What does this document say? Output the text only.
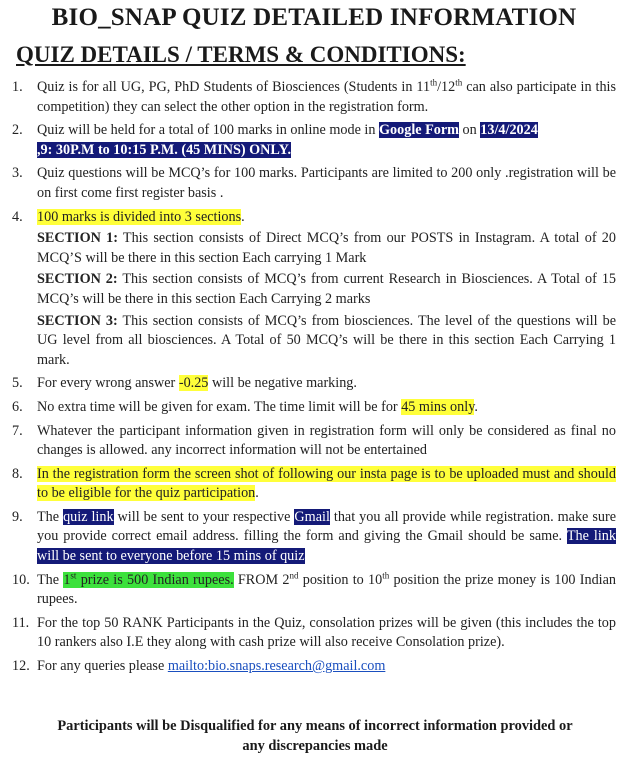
BIO_SNAP QUIZ DETAILED INFORMATION
QUIZ DETAILS / TERMS & CONDITIONS:
1.	Quiz is for all UG, PG, PhD Students of Biosciences (Students in 11th/12th can also participate in this competition) they can select the other option in the registration form.
2.	Quiz will be held for a total of 100 marks in online mode in Google Form on 13/4/2024
,9: 30P.M to 10:15 P.M. (45 MINS) ONLY.
3.	Quiz questions will be MCQ’s for 100 marks. Participants are limited to 200 only .registration will be on first come first register basis .
4.	100 marks is divided into 3 sections.
SECTION 1: This section consists of Direct MCQ’s from our POSTS in Instagram. A total of 20 MCQ’S will be there in this section Each carrying 1 Mark
SECTION 2: This section consists of MCQ’s from current Research in Biosciences. A Total of 15 MCQ’s will be there in this section Each Carrying 2 marks
SECTION 3: This section consists of MCQ’s from biosciences. The level of the questions will be UG level from all biosciences. A Total of 50 MCQ’s will be there in this section Each Carrying 1 mark.
5.	For every wrong answer -0.25 will be negative marking.
6.	No extra time will be given for exam. The time limit will be for 45 mins only.
7.	Whatever the participant information given in registration form will only be considered as final no changes is allowed. any incorrect information will not be entertained
8.	In the registration form the screen shot of following our insta page is to be uploaded must and should to be eligible for the quiz participation.
9.	The quiz link will be sent to your respective Gmail that you all provide while registration. make sure you provide correct email address. filling the form and giving the Gmail should be same. The link will be sent to everyone before 15 mins of quiz
10. The 1st prize is 500 Indian rupees. FROM 2nd position to 10th position the prize money is 100 Indian rupees.
11. For the top 50 RANK Participants in the Quiz, consolation prizes will be given (this includes the top 10 rankers also I.E they along with cash prize will also receive Consolation prize).
12. For any queries please mailto:bio.snaps.research@gmail.com
Participants will be Disqualified for any means of incorrect information provided or
any discrepancies made
